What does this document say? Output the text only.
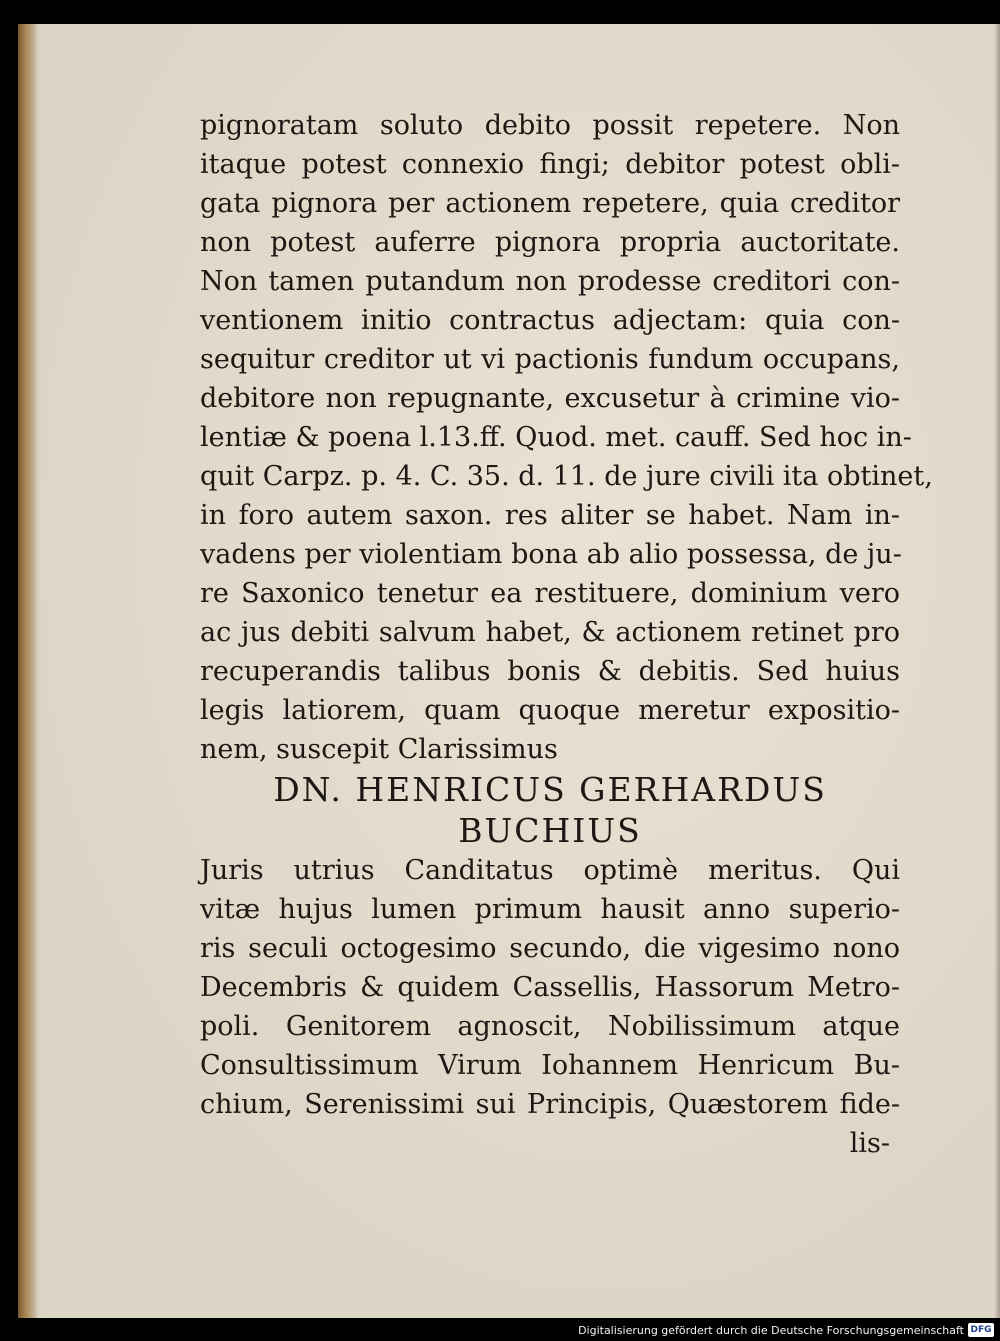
pignoratam soluto debito possit repetere. Non
itaque potest connexio fingi; debitor potest obli-
gata pignora per actionem repetere, quia creditor
non potest auferre pignora propria auctoritate.
Non tamen putandum non prodesse creditori con-
ventionem initio contractus adjectam: quia con-
sequitur creditor ut vi pactionis fundum occupans,
debitore non repugnante, excusetur à crimine vio-
lentiæ & poena l.13.ff. Quod. met. cauff. Sed hoc in-
quit Carpz. p. 4. C. 35. d. 11. de jure civili ita obtinet,
in foro autem saxon. res aliter se habet. Nam in-
vadens per violentiam bona ab alio possessa, de ju-
re Saxonico tenetur ea restituere, dominium vero
ac jus debiti salvum habet, & actionem retinet pro
recuperandis talibus bonis & debitis. Sed huius
legis latiorem, quam quoque meretur expositio-
nem, suscepit Clarissimus
DN. HENRICUS GERHARDUS
BUCHIUS
Juris utrius Canditatus optimè meritus. Qui
vitæ hujus lumen primum hausit anno superio-
ris seculi octogesimo secundo, die vigesimo nono
Decembris & quidem Cassellis, Hassorum Metro-
poli. Genitorem agnoscit, Nobilissimum atque
Consultissimum Virum Iohannem Henricum Bu-
chium, Serenissimi sui Principis, Quæstorem fide-
lis-
Digitalisierung gefördert durch die Deutsche Forschungsgemeinschaft DFG
